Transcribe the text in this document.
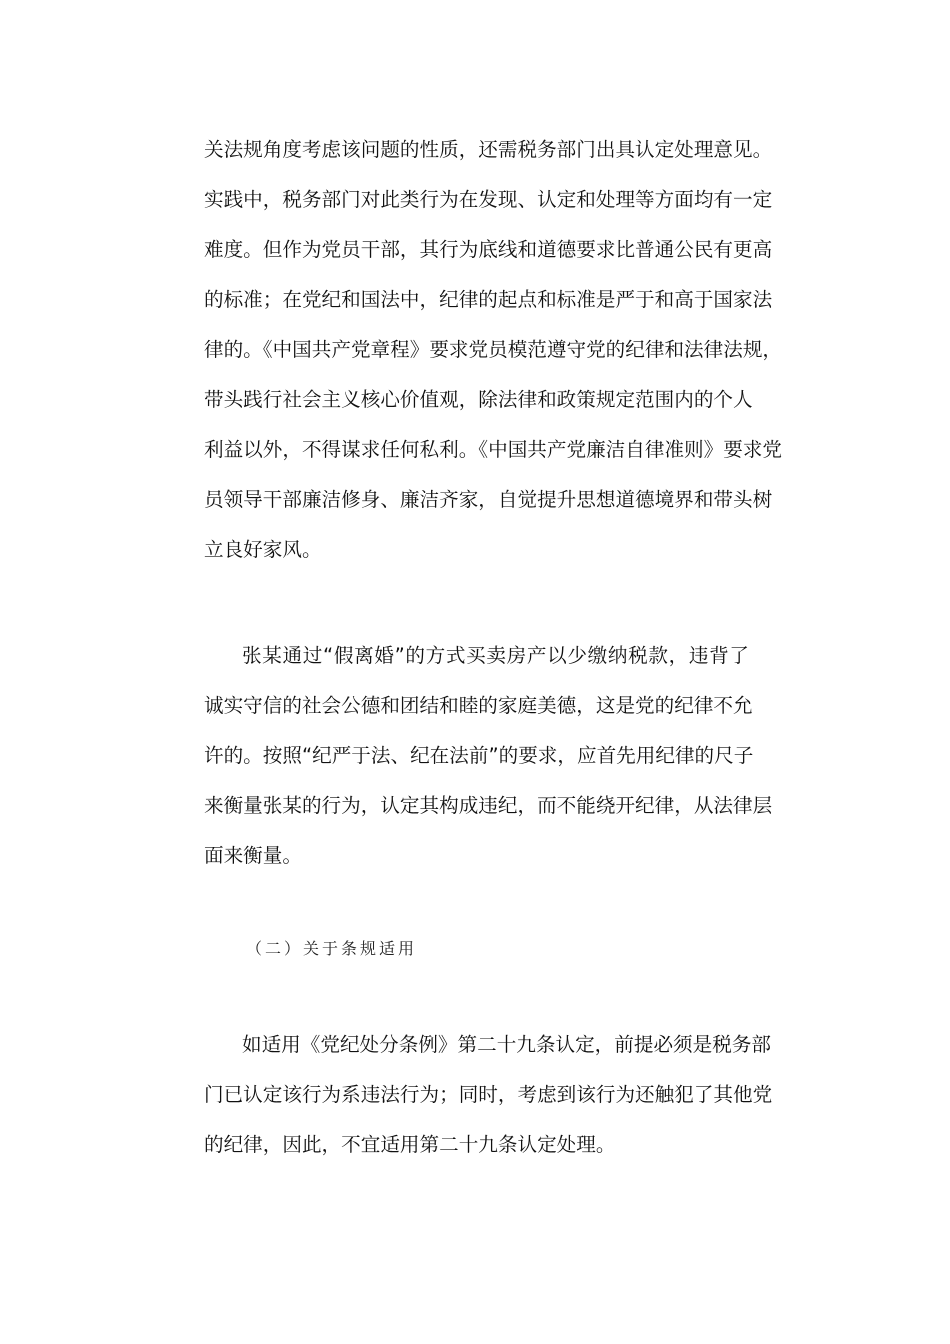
关法规角度考虑该问题的性质，还需税务部门出具认定处理意见。
实践中，税务部门对此类行为在发现、认定和处理等方面均有一定
难度。但作为党员干部，其行为底线和道德要求比普通公民有更高
的标准；在党纪和国法中，纪律的起点和标准是严于和高于国家法
律的。《中国共产党章程》要求党员模范遵守党的纪律和法律法规，
带头践行社会主义核心价值观，除法律和政策规定范围内的个人
利益以外，不得谋求任何私利。《中国共产党廉洁自律准则》要求党
员领导干部廉洁修身、廉洁齐家，自觉提升思想道德境界和带头树
立良好家风。
张某通过“假离婚”的方式买卖房产以少缴纳税款，违背了
诚实守信的社会公德和团结和睦的家庭美德，这是党的纪律不允
许的。按照“纪严于法、纪在法前”的要求，应首先用纪律的尺子
来衡量张某的行为，认定其构成违纪，而不能绕开纪律，从法律层
面来衡量。
（二）关于条规适用
如适用《党纪处分条例》第二十九条认定，前提必须是税务部
门已认定该行为系违法行为；同时，考虑到该行为还触犯了其他党
的纪律，因此，不宜适用第二十九条认定处理。
